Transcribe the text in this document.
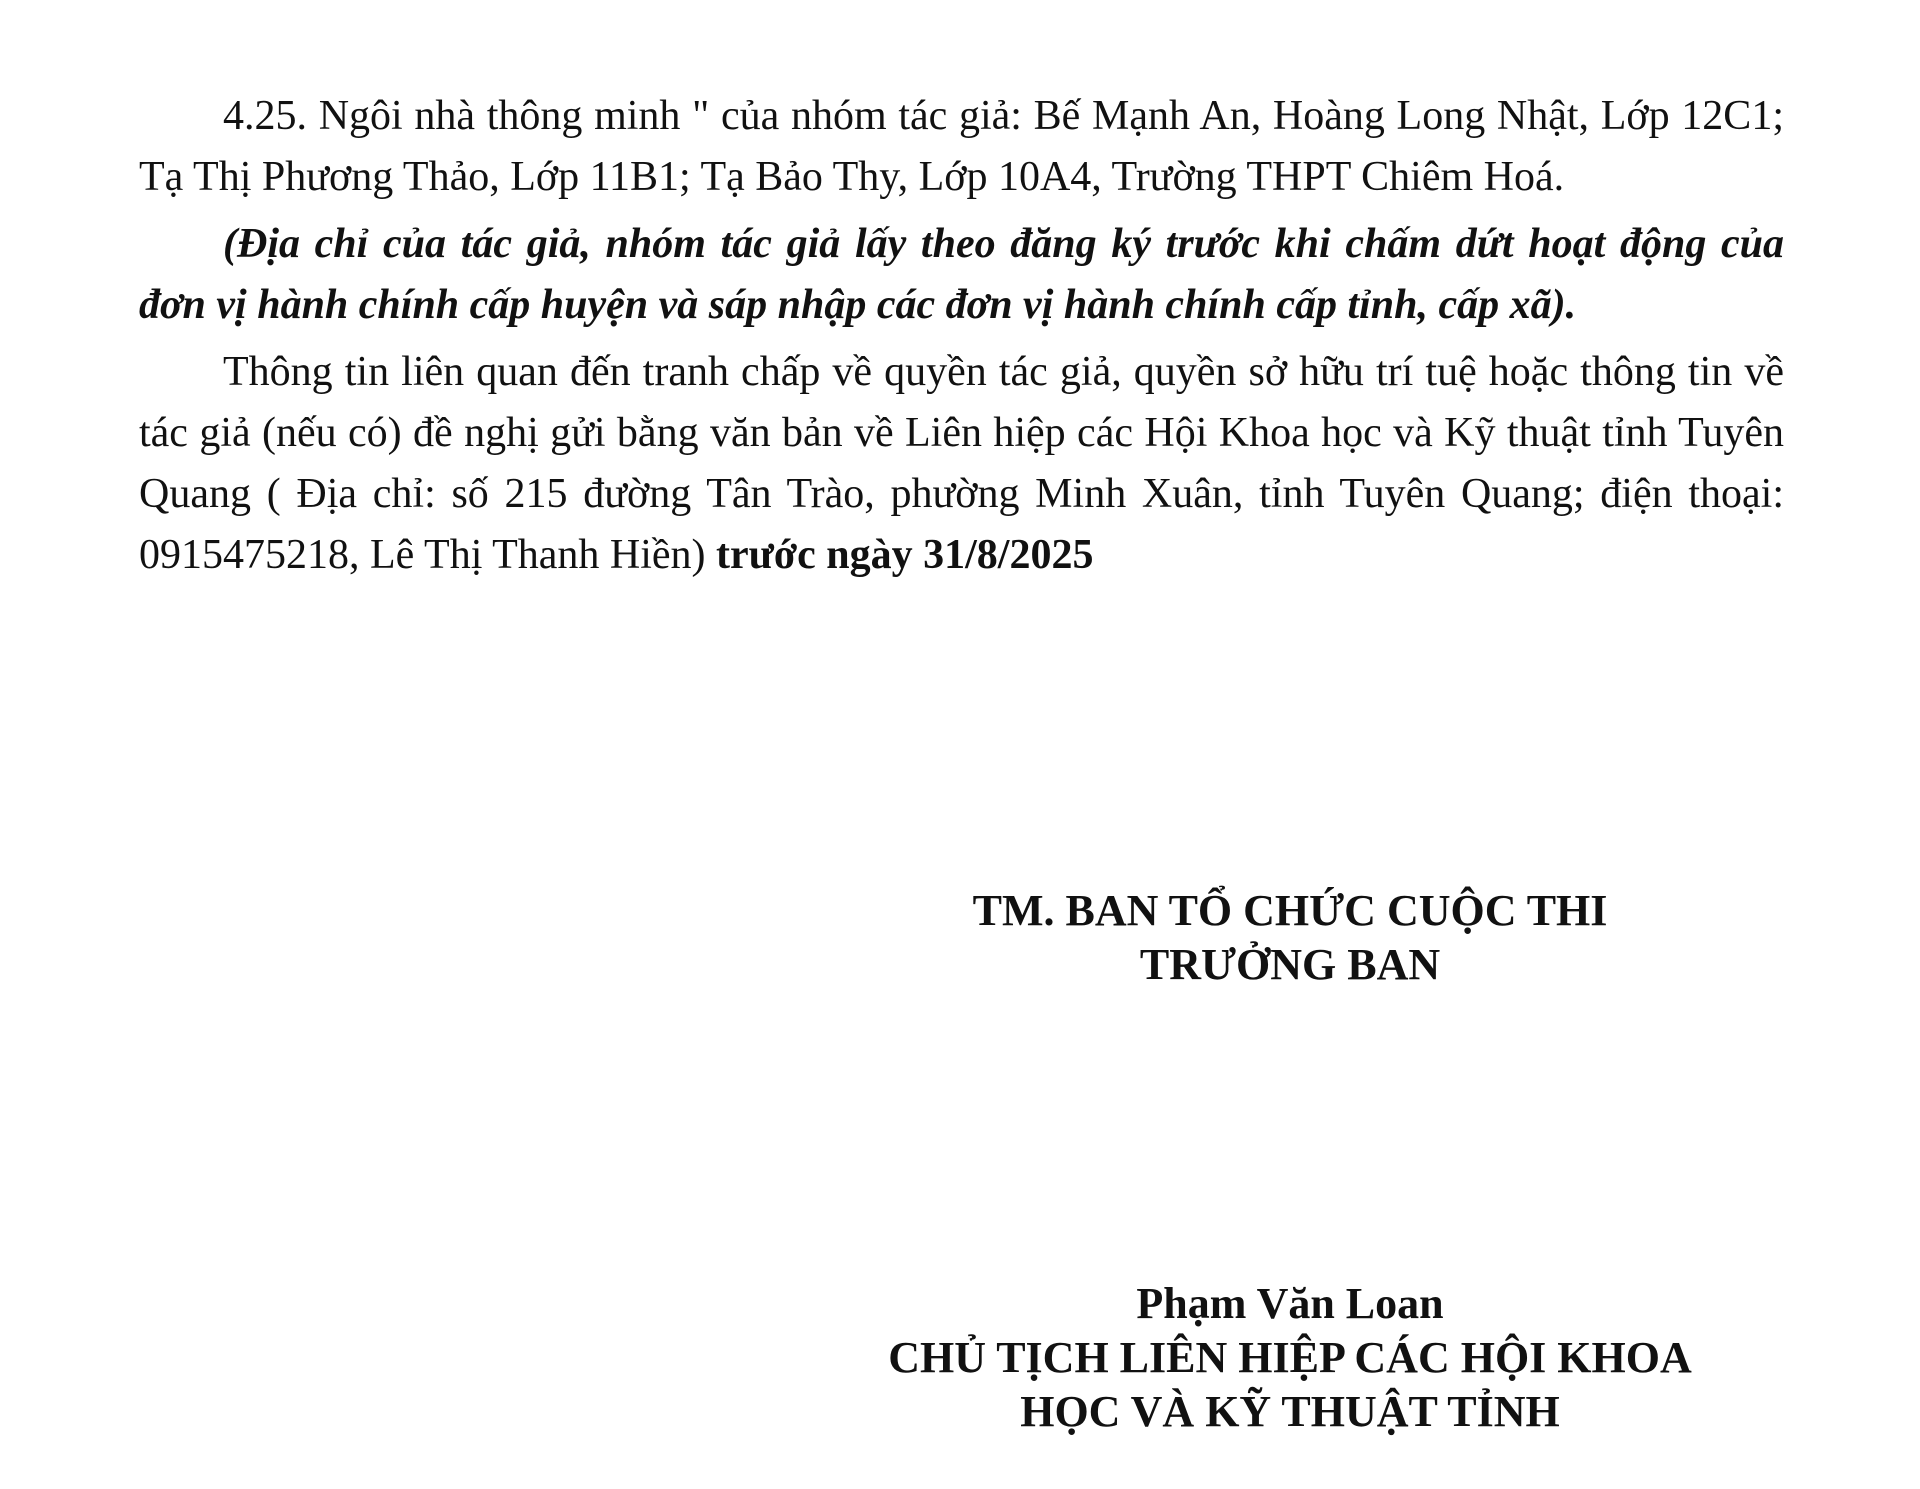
4.25. Ngôi nhà thông minh " của nhóm tác giả: Bế Mạnh An, Hoàng Long Nhật, Lớp 12C1; Tạ Thị Phương Thảo, Lớp 11B1; Tạ Bảo Thy, Lớp 10A4, Trường THPT Chiêm Hoá.

(Địa chỉ của tác giả, nhóm tác giả lấy theo đăng ký trước khi chấm dứt hoạt động của đơn vị hành chính cấp huyện và sáp nhập các đơn vị hành chính cấp tỉnh, cấp xã).

Thông tin liên quan đến tranh chấp về quyền tác giả, quyền sở hữu trí tuệ hoặc thông tin về tác giả (nếu có) đề nghị gửi bằng văn bản về Liên hiệp các Hội Khoa học và Kỹ thuật tỉnh Tuyên Quang ( Địa chỉ: số 215 đường Tân Trào, phường Minh Xuân, tỉnh Tuyên Quang; điện thoại: 0915475218, Lê Thị Thanh Hiền) trước ngày 31/8/2025

TM. BAN TỔ CHỨC CUỘC THI
TRƯỞNG BAN
Phạm Văn Loan
CHỦ TỊCH LIÊN HIỆP CÁC HỘI KHOA
HỌC VÀ KỸ THUẬT TỈNH
